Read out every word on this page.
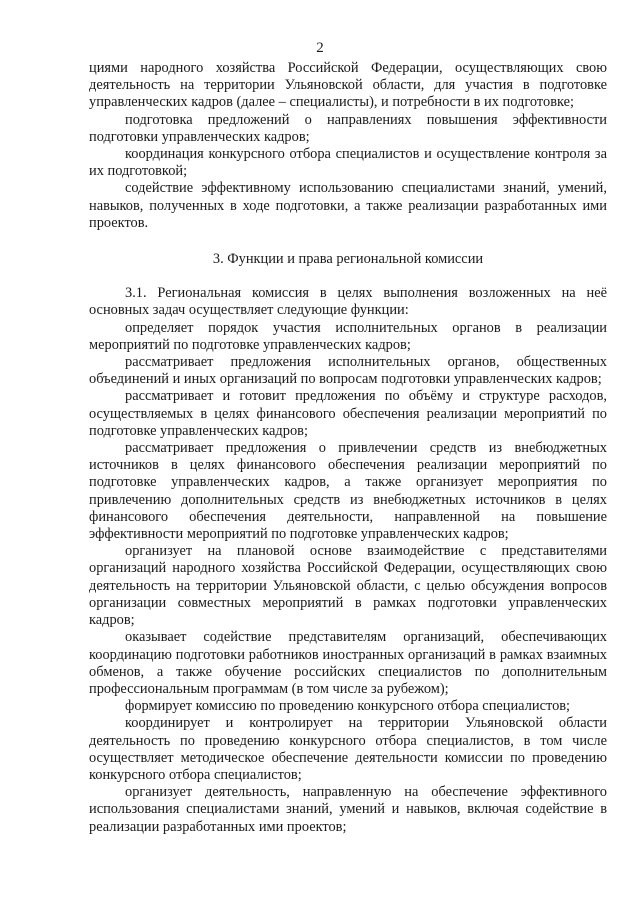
2

циями народного хозяйства Российской Федерации, осуществляющих свою деятельность на территории Ульяновской области, для участия в подготовке управленческих кадров (далее – специалисты), и потребности в их подготовке;

подготовка предложений о направлениях повышения эффективности подготовки управленческих кадров;

координация конкурсного отбора специалистов и осуществление контроля за их подготовкой;

содействие эффективному использованию специалистами знаний, умений, навыков, полученных в ходе подготовки, а также реализации разработанных ими проектов.

3. Функции и права региональной комиссии

3.1. Региональная комиссия в целях выполнения возложенных на неё основных задач осуществляет следующие функции:

определяет порядок участия исполнительных органов в реализации мероприятий по подготовке управленческих кадров;

рассматривает предложения исполнительных органов, общественных объединений и иных организаций по вопросам подготовки управленческих кадров;

рассматривает и готовит предложения по объёму и структуре расходов, осуществляемых в целях финансового обеспечения реализации мероприятий по подготовке управленческих кадров;

рассматривает предложения о привлечении средств из внебюджетных источников в целях финансового обеспечения реализации мероприятий по подготовке управленческих кадров, а также организует мероприятия по привлечению дополнительных средств из внебюджетных источников в целях финансового обеспечения деятельности, направленной на повышение эффективности мероприятий по подготовке управленческих кадров;

организует на плановой основе взаимодействие с представителями организаций народного хозяйства Российской Федерации, осуществляющих свою деятельность на территории Ульяновской области, с целью обсуждения вопросов организации совместных мероприятий в рамках подготовки управленческих кадров;

оказывает содействие представителям организаций, обеспечивающих координацию подготовки работников иностранных организаций в рамках взаимных обменов, а также обучение российских специалистов по дополнительным профессиональным программам (в том числе за рубежом);

формирует комиссию по проведению конкурсного отбора специалистов;

координирует и контролирует на территории Ульяновской области деятельность по проведению конкурсного отбора специалистов, в том числе осуществляет методическое обеспечение деятельности комиссии по проведению конкурсного отбора специалистов;

организует деятельность, направленную на обеспечение эффективного использования специалистами знаний, умений и навыков, включая содействие в реализации разработанных ими проектов;
